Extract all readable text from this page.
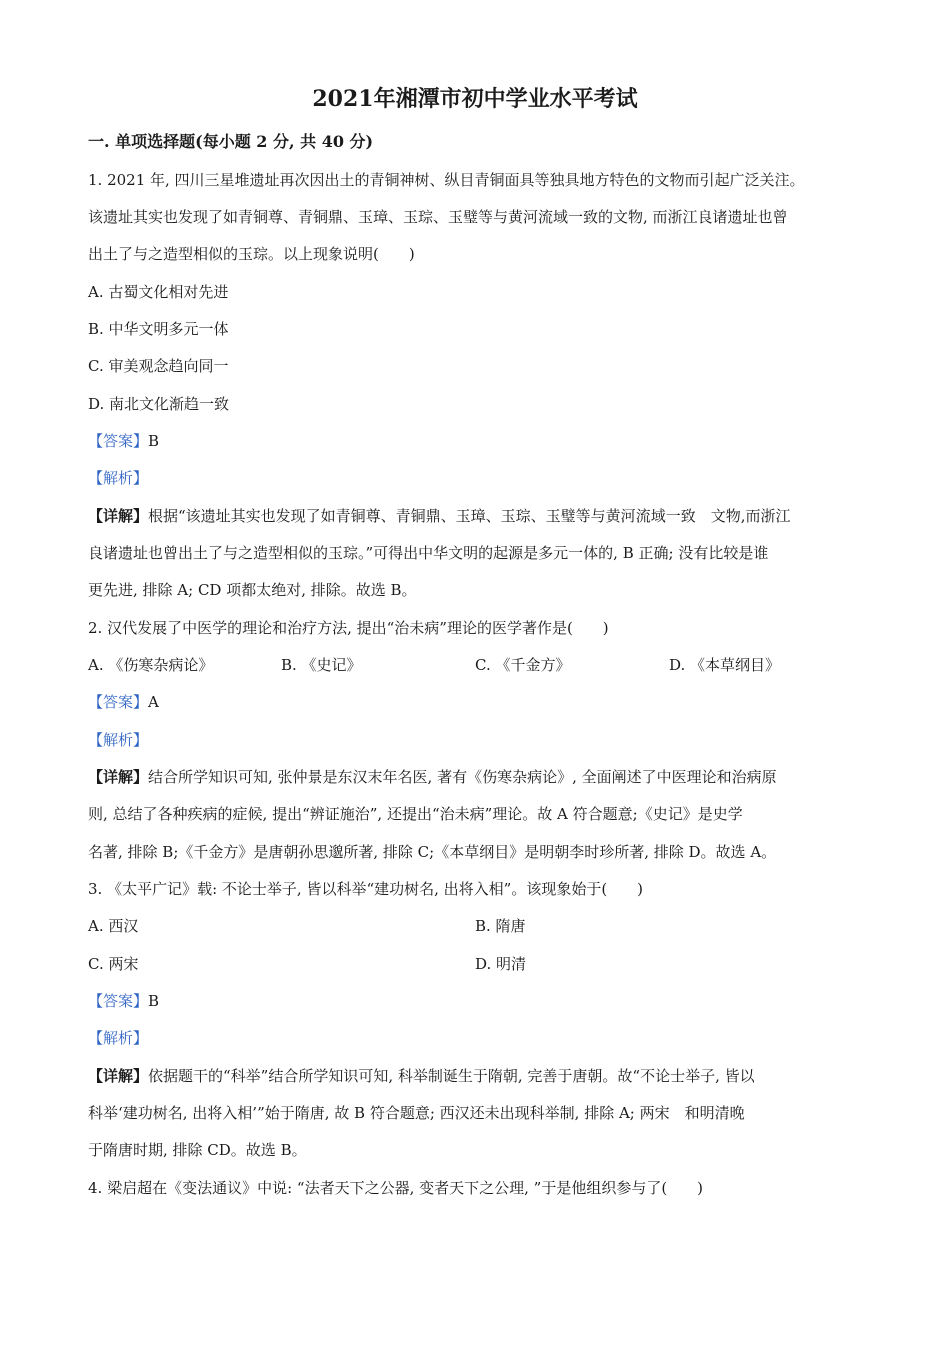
2021年湘潭市初中学业水平考试
一. 单项选择题(每小题 2 分, 共 40 分)
1. 2021 年, 四川三星堆遗址再次因出土的青铜神树、纵目青铜面具等独具地方特色的文物而引起广泛关注。
该遗址其实也发现了如青铜尊、青铜鼎、玉璋、玉琮、玉璧等与黄河流域一致的文物, 而浙江良诸遗址也曾
出土了与之造型相似的玉琮。以上现象说明(　　)
A. 古蜀文化相对先进
B. 中华文明多元一体
C. 审美观念趋向同一
D. 南北文化渐趋一致
【答案】B
【解析】
【详解】根据“该遗址其实也发现了如青铜尊、青铜鼎、玉璋、玉琮、玉璧等与黄河流域一致　文物,而浙江
良诸遗址也曾出土了与之造型相似的玉琮。”可得出中华文明的起源是多元一体的, B 正确; 没有比较是谁
更先进, 排除 A; CD 项都太绝对, 排除。故选 B。
2. 汉代发展了中医学的理论和治疗方法, 提出“治未病”理论的医学著作是(　　)
A. 《伤寒杂病论》	B. 《史记》	C. 《千金方》	D. 《本草纲目》
【答案】A
【解析】
【详解】结合所学知识可知, 张仲景是东汉末年名医, 著有《伤寒杂病论》, 全面阐述了中医理论和治病原
则, 总结了各种疾病的症候, 提出“辨证施治”, 还提出“治未病”理论。故 A 符合题意;《史记》是史学
名著, 排除 B;《千金方》是唐朝孙思邈所著, 排除 C;《本草纲目》是明朝李时珍所著, 排除 D。故选 A。
3. 《太平广记》载: 不论士举子, 皆以科举“建功树名, 出将入相”。该现象始于(　　)
A. 西汉	B. 隋唐
C. 两宋	D. 明清
【答案】B
【解析】
【详解】依据题干的“科举”结合所学知识可知, 科举制诞生于隋朝, 完善于唐朝。故“不论士举子, 皆以
科举‘建功树名, 出将入相’”始于隋唐, 故 B 符合题意; 西汉还未出现科举制, 排除 A; 两宋　和明清晚
于隋唐时期, 排除 CD。故选 B。
4. 梁启超在《变法通议》中说: “法者天下之公器, 变者天下之公理, ”于是他组织参与了(　　)
